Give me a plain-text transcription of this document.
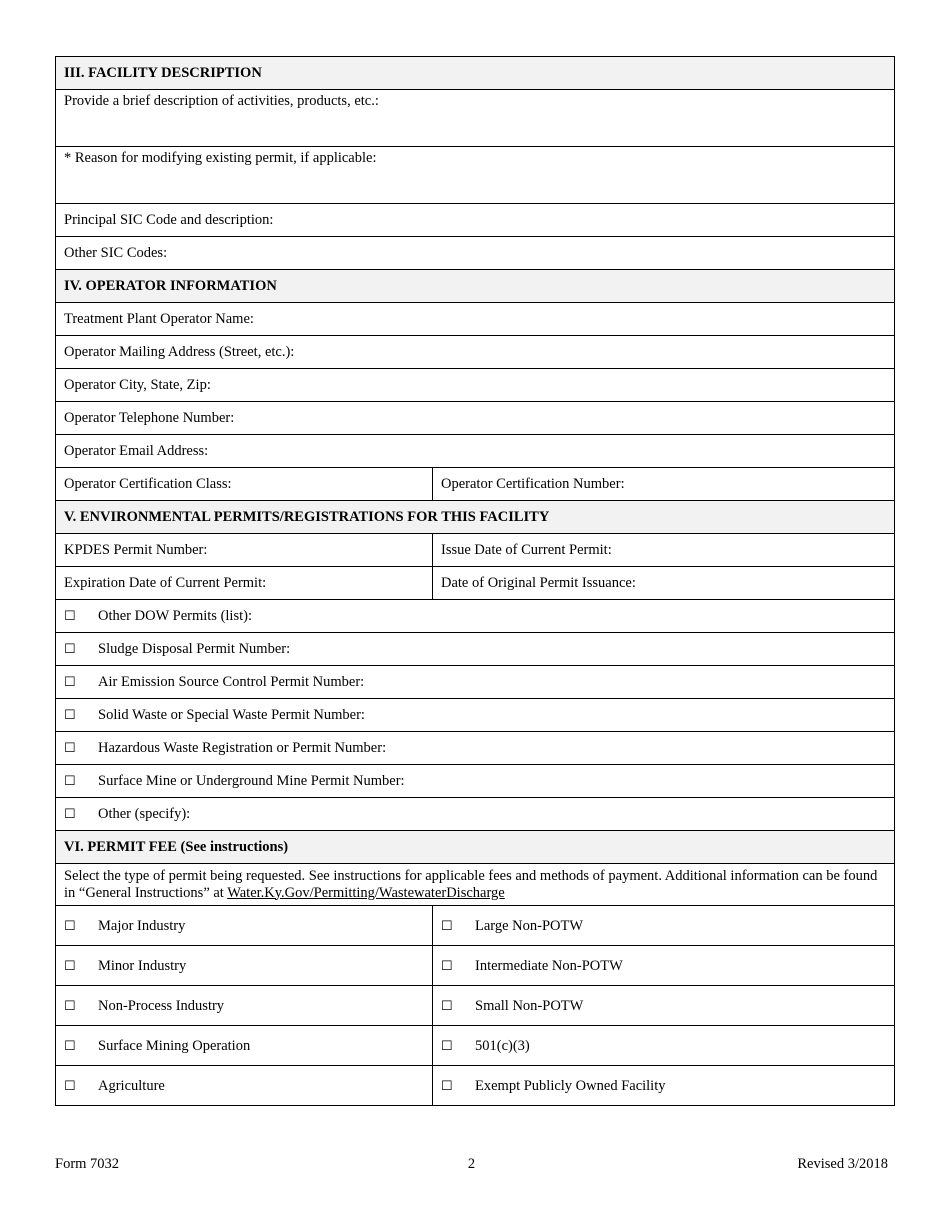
III. FACILITY DESCRIPTION	
Provide a brief description of activities, products, etc.:	
* Reason for modifying existing permit, if applicable:	
Principal SIC Code and description:	
Other SIC Codes:	
IV. OPERATOR INFORMATION	
Treatment Plant Operator Name:	
Operator Mailing Address (Street, etc.):	
Operator City, State, Zip:	
Operator Telephone Number:	
Operator Email Address:	
Operator Certification Class:	Operator Certification Number:
V. ENVIRONMENTAL PERMITS/REGISTRATIONS FOR THIS FACILITY	
KPDES Permit Number:	Issue Date of Current Permit:
Expiration Date of Current Permit:	Date of Original Permit Issuance:
☐ Other DOW Permits (list):	
☐ Sludge Disposal Permit Number:	
☐ Air Emission Source Control Permit Number:	
☐ Solid Waste or Special Waste Permit Number:	
☐ Hazardous Waste Registration or Permit Number:	
☐ Surface Mine or Underground Mine Permit Number:	
☐ Other (specify):	
VI. PERMIT FEE (See instructions)	
Select the type of permit being requested. See instructions for applicable fees and methods of payment. Additional information can be found in “General Instructions” at Water.Ky.Gov/Permitting/WastewaterDischarge	
☐ Major Industry	☐ Large Non-POTW
☐ Minor Industry	☐ Intermediate Non-POTW
☐ Non-Process Industry	☐ Small Non-POTW
☐ Surface Mining Operation	☐ 501(c)(3)
☐ Agriculture	☐ Exempt Publicly Owned Facility
Form 7032	2	Revised 3/2018
